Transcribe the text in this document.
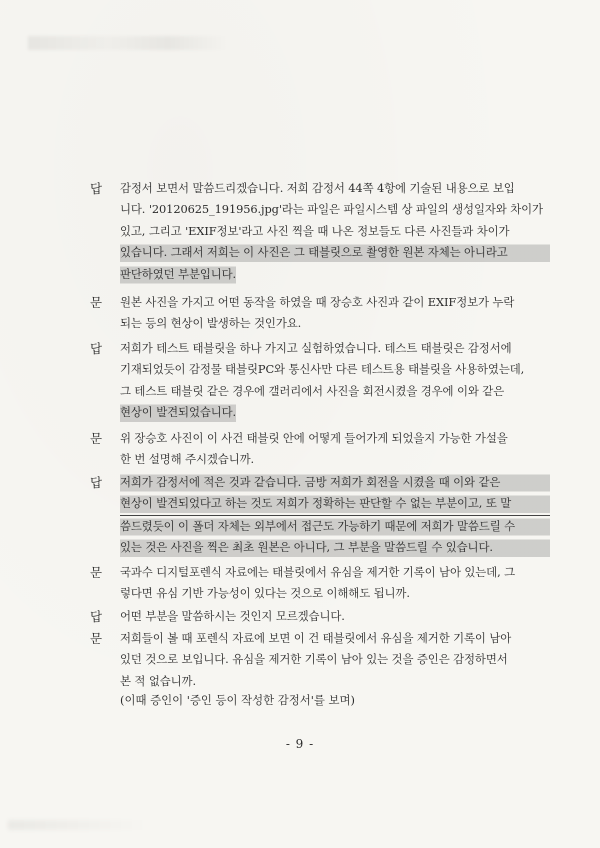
답 감정서 보면서 말씀드리겠습니다. 저희 감정서 44쪽 4항에 기술된 내용으로 보입
니다. '20120625_191956.jpg'라는 파일은 파일시스템 상 파일의 생성일자와 차이가
있고, 그리고 'EXIF정보'라고 사진 찍을 때 나온 정보들도 다른 사진들과 차이가
있습니다. 그래서 저희는 이 사진은 그 태블릿으로 촬영한 원본 자체는 아니라고
판단하였던 부분입니다.
문 원본 사진을 가지고 어떤 동작을 하였을 때 장승호 사진과 같이 EXIF정보가 누락
되는 등의 현상이 발생하는 것인가요.
답 저희가 테스트 태블릿을 하나 가지고 실험하였습니다. 테스트 태블릿은 감정서에
기재되었듯이 감정물 태블릿PC와 통신사만 다른 테스트용 태블릿을 사용하였는데,
그 테스트 태블릿 같은 경우에 갤러리에서 사진을 회전시켰을 경우에 이와 같은
현상이 발견되었습니다.
문 위 장승호 사진이 이 사건 태블릿 안에 어떻게 들어가게 되었을지 가능한 가설을
한 번 설명해 주시겠습니까.
답 저희가 감정서에 적은 것과 같습니다. 금방 저희가 회전을 시켰을 때 이와 같은
현상이 발견되었다고 하는 것도 저희가 정확하는 판단할 수 없는 부분이고, 또 말
씀드렸듯이 이 폴더 자체는 외부에서 접근도 가능하기 때문에 저희가 말씀드릴 수
있는 것은 사진을 찍은 최초 원본은 아니다, 그 부분을 말씀드릴 수 있습니다.
문 국과수 디지털포렌식 자료에는 태블릿에서 유심을 제거한 기록이 남아 있는데, 그
렇다면 유심 기반 가능성이 있다는 것으로 이해해도 됩니까.
답 어떤 부분을 말씀하시는 것인지 모르겠습니다.
문 저희들이 볼 때 포렌식 자료에 보면 이 건 태블릿에서 유심을 제거한 기록이 남아
있던 것으로 보입니다. 유심을 제거한 기록이 남아 있는 것을 증인은 감정하면서
본 적 없습니까.
(이때 증인이 '증인 등이 작성한 감정서'를 보며)
- 9 -
